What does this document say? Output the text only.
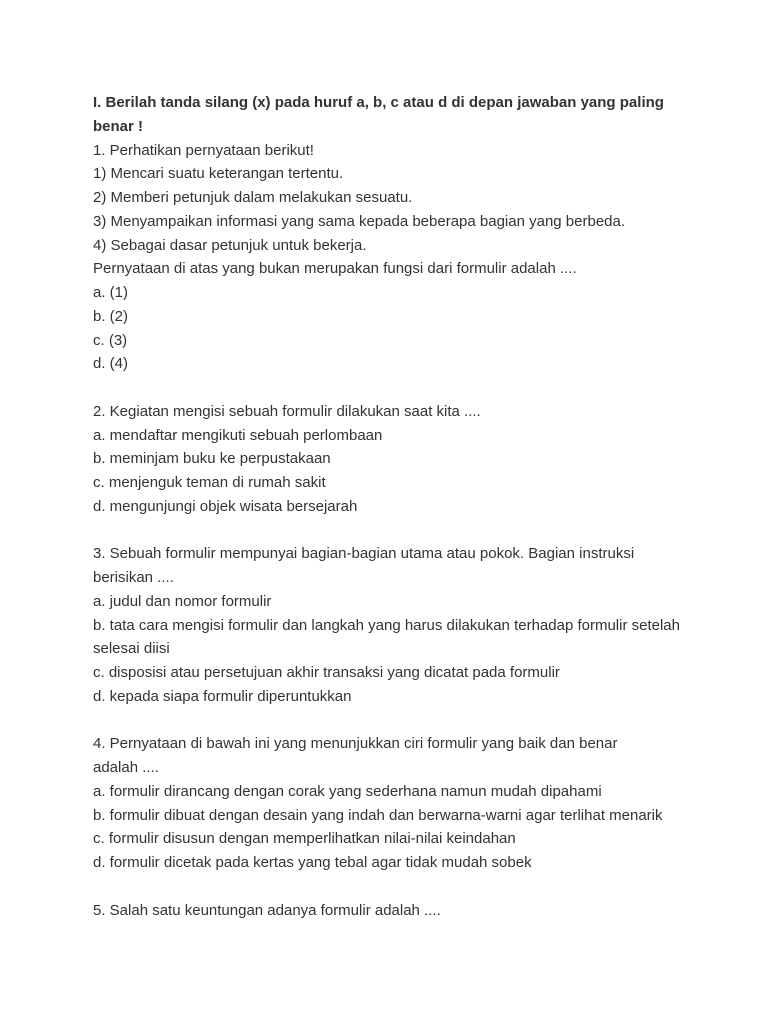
I. Berilah tanda silang (x) pada huruf a, b, c atau d di depan jawaban yang paling
benar !
1. Perhatikan pernyataan berikut!
1) Mencari suatu keterangan tertentu.
2) Memberi petunjuk dalam melakukan sesuatu.
3) Menyampaikan informasi yang sama kepada beberapa bagian yang berbeda.
4) Sebagai dasar petunjuk untuk bekerja.
Pernyataan di atas yang bukan merupakan fungsi dari formulir adalah ....
a. (1)
b. (2)
c. (3)
d. (4)
2. Kegiatan mengisi sebuah formulir dilakukan saat kita ....
a. mendaftar mengikuti sebuah perlombaan
b. meminjam buku ke perpustakaan
c. menjenguk teman di rumah sakit
d. mengunjungi objek wisata bersejarah
3. Sebuah formulir mempunyai bagian-bagian utama atau pokok. Bagian instruksi
berisikan ....
a. judul dan nomor formulir
b. tata cara mengisi formulir dan langkah yang harus dilakukan terhadap formulir setelah
selesai diisi
c. disposisi atau persetujuan akhir transaksi yang dicatat pada formulir
d. kepada siapa formulir diperuntukkan
4. Pernyataan di bawah ini yang menunjukkan ciri formulir yang baik dan benar
adalah ....
a. formulir dirancang dengan corak yang sederhana namun mudah dipahami
b. formulir dibuat dengan desain yang indah dan berwarna-warni agar terlihat menarik
c. formulir disusun dengan memperlihatkan nilai-nilai keindahan
d. formulir dicetak pada kertas yang tebal agar tidak mudah sobek
5. Salah satu keuntungan adanya formulir adalah ....
